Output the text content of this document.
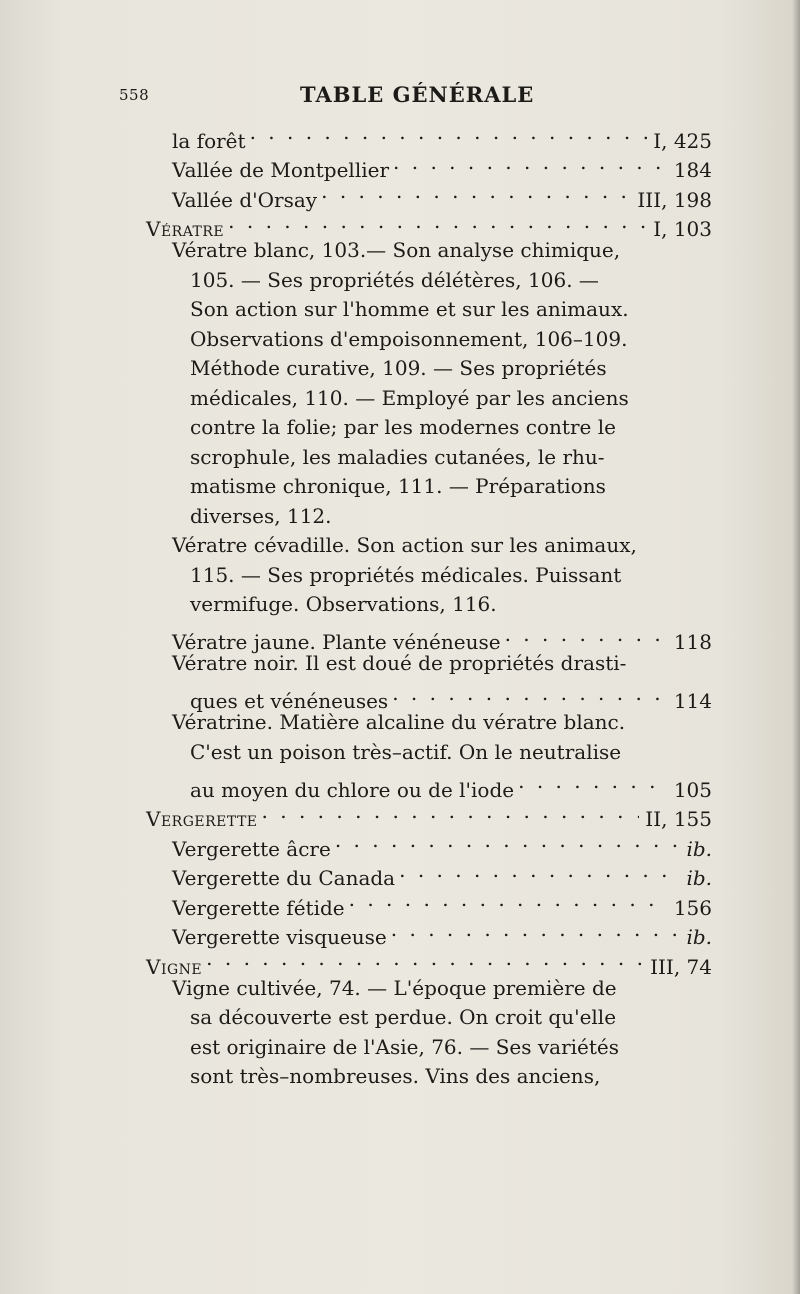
558	TABLE GÉNÉRALE
la forêt . . .	I, 425
Vallée de Montpellier . . .	184
Vallée d'Orsay . . .	III, 198
Vératre . . .	I, 103
Vératre blanc, 103.— Son analyse chimique,
105. — Ses propriétés délétères, 106. —
Son action sur l'homme et sur les animaux.
Observations d'empoisonnement, 106–109.
Méthode curative, 109. — Ses propriétés
médicales, 110. — Employé par les anciens
contre la folie; par les modernes contre le
scrophule, les maladies cutanées, le rhu-
matisme chronique, 111. — Préparations
diverses, 112.
Vératre cévadille. Son action sur les animaux,
115. — Ses propriétés médicales. Puissant
vermifuge. Observations, 116.
Vératre jaune. Plante vénéneuse . . .	118
Vératre noir. Il est doué de propriétés drasti-
ques et vénéneuses . . .	114
Vératrine. Matière alcaline du vératre blanc.
C'est un poison très–actif. On le neutralise
au moyen du chlore ou de l'iode . . .	105
Vergerette . . .	II, 155
Vergerette âcre . . .	ib.
Vergerette du Canada . . .	ib.
Vergerette fétide . . .	156
Vergerette visqueuse . . .	ib.
Vigne . . .	III, 74
Vigne cultivée, 74. — L'époque première de
sa découverte est perdue. On croit qu'elle
est originaire de l'Asie, 76. — Ses variétés
sont très–nombreuses. Vins des anciens,
